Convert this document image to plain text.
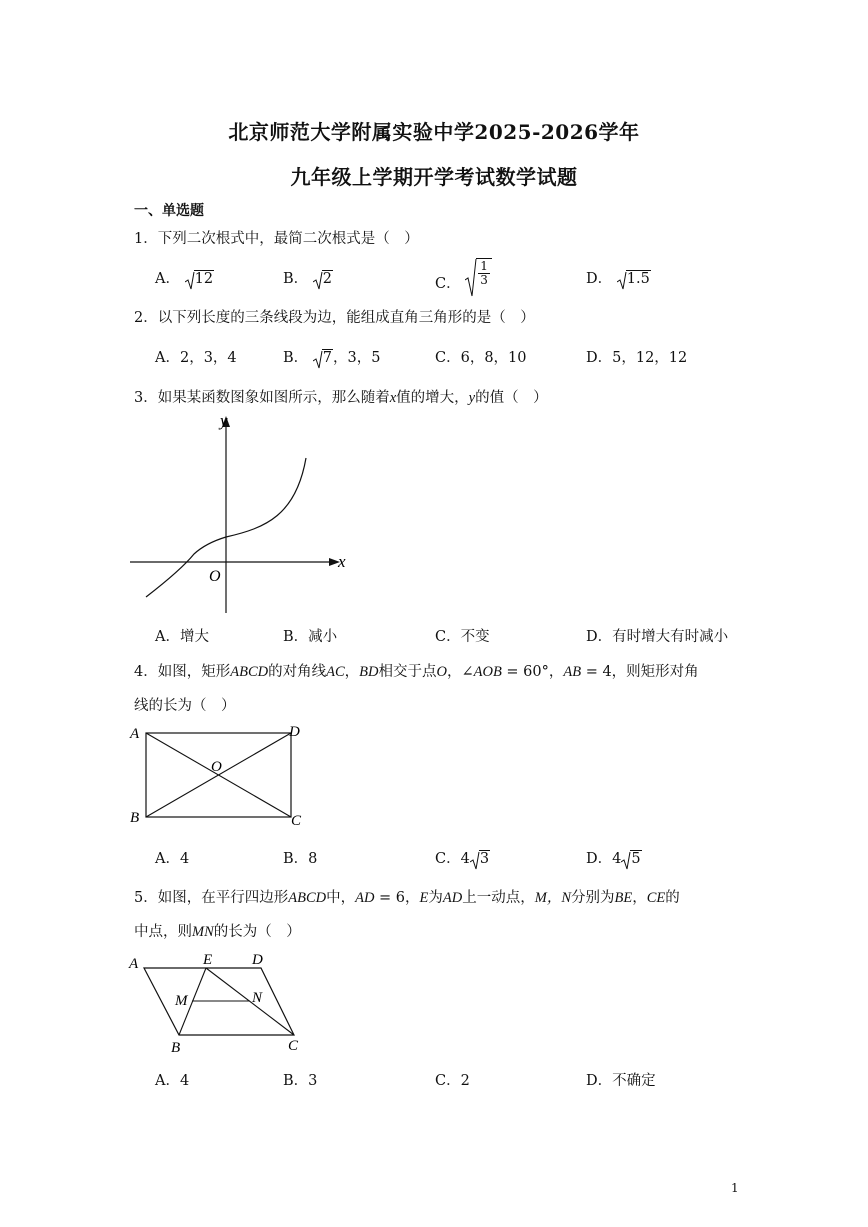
北京师范大学附属实验中学2025-2026学年
九年级上学期开学考试数学试题
一、单选题
1．下列二次根式中，最简二次根式是（　）
A． 12	B． 2	C． $\frac{1}{3}$	D． 1.5
2．以下列长度的三条线段为边，能组成直角三角形的是（　）
A．2，3，4	B． 7，3，5	C．6，8，10	D．5，12，12
3．如果某函数图象如图所示，那么随着x值的增大，y的值（　）
y
x
O
A．增大	B．减小	C．不变	D．有时增大有时减小
4．如图，矩形ABCD的对角线AC，BD相交于点O，∠AOB = 60°，AB = 4，则矩形对角
线的长为（　）
A	D
B	C
O
A．4	B．8	C．4 3	D．4 5
5．如图，在平行四边形ABCD中，AD = 6，E为AD上一动点，M，N分别为BE，CE的
中点，则MN的长为（　）
A	E	D
M	N
B	C
A．4	B．3	C．2	D．不确定
1
